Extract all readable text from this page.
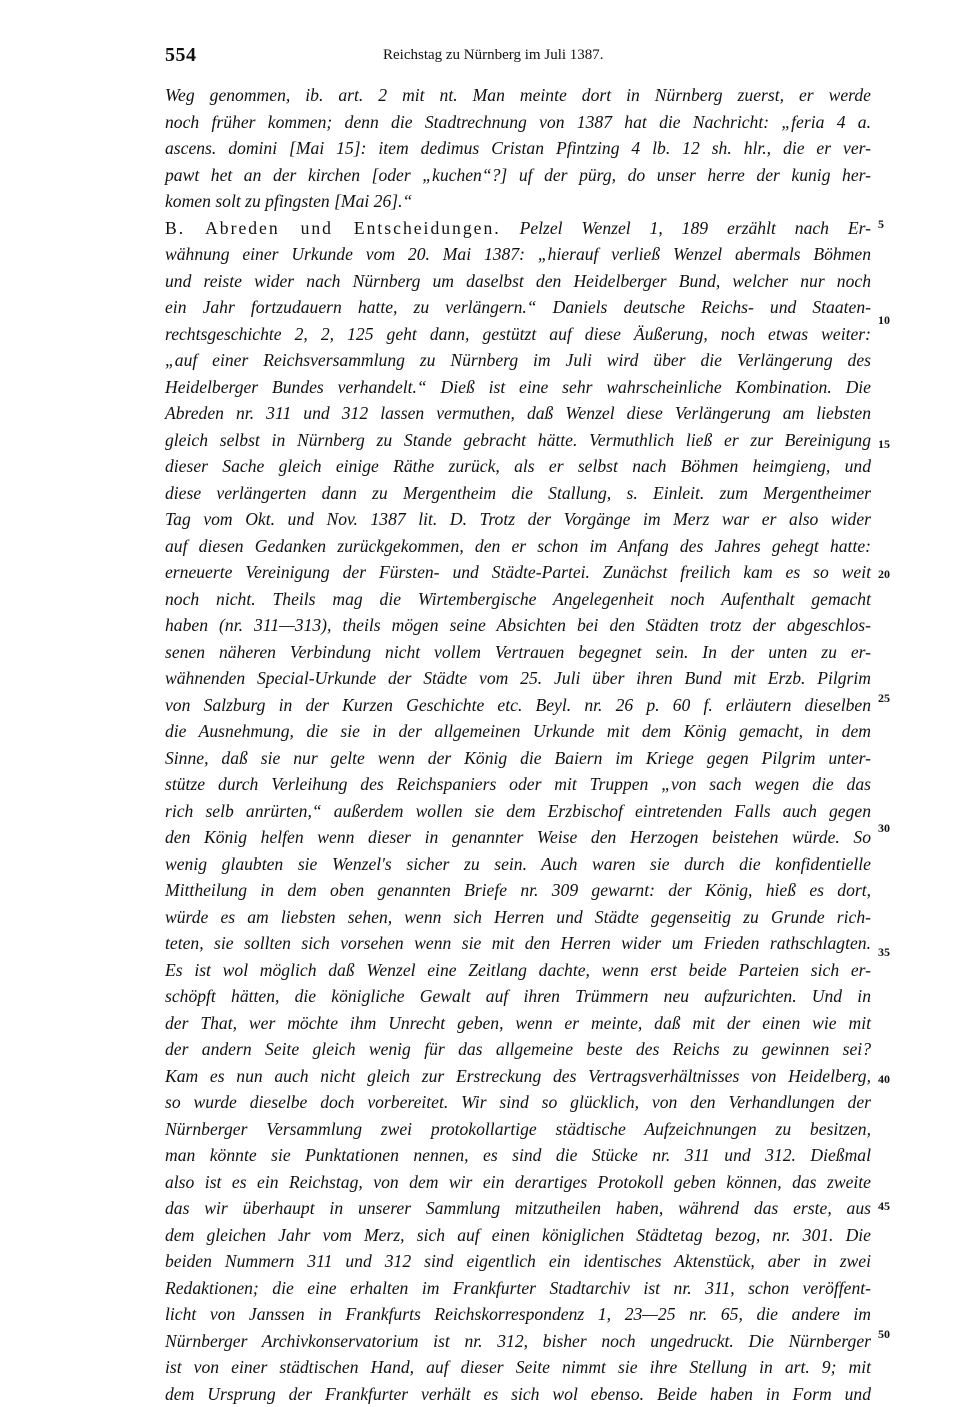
554	Reichstag zu Nürnberg im Juli 1387.
Weg genommen, ib. art. 2 mit nt. Man meinte dort in Nürnberg zuerst, er werde
noch früher kommen; denn die Stadtrechnung von 1387 hat die Nachricht: „feria 4 a.
ascens. domini [Mai 15]: item dedimus Cristan Pfintzing 4 lb. 12 sh. hlr., die er ver-
pawt het an der kirchen [oder „kuchen“?] uf der pürg, do unser herre der kunig her-
komen solt zu pfingsten [Mai 26].“
B. Abreden und Entscheidungen. Pelzel Wenzel 1, 189 erzählt nach Er-
wähnung einer Urkunde vom 20. Mai 1387: „hierauf verließ Wenzel abermals Böhmen
und reiste wider nach Nürnberg um daselbst den Heidelberger Bund, welcher nur noch
ein Jahr fortzudauern hatte, zu verlängern.“ Daniels deutsche Reichs- und Staaten-
rechtsgeschichte 2, 2, 125 geht dann, gestützt auf diese Äußerung, noch etwas weiter:
„auf einer Reichsversammlung zu Nürnberg im Juli wird über die Verlängerung des
Heidelberger Bundes verhandelt.“ Dieß ist eine sehr wahrscheinliche Kombination. Die
Abreden nr. 311 und 312 lassen vermuthen, daß Wenzel diese Verlängerung am liebsten
gleich selbst in Nürnberg zu Stande gebracht hätte. Vermuthlich ließ er zur Bereinigung
dieser Sache gleich einige Räthe zurück, als er selbst nach Böhmen heimgieng, und
diese verlängerten dann zu Mergentheim die Stallung, s. Einleit. zum Mergentheimer
Tag vom Okt. und Nov. 1387 lit. D. Trotz der Vorgänge im Merz war er also wider
auf diesen Gedanken zurückgekommen, den er schon im Anfang des Jahres gehegt hatte:
erneuerte Vereinigung der Fürsten- und Städte-Partei. Zunächst freilich kam es so weit
noch nicht. Theils mag die Wirtembergische Angelegenheit noch Aufenthalt gemacht
haben (nr. 311—313), theils mögen seine Absichten bei den Städten trotz der abgeschlos-
senen näheren Verbindung nicht vollem Vertrauen begegnet sein. In der unten zu er-
wähnenden Special-Urkunde der Städte vom 25. Juli über ihren Bund mit Erzb. Pilgrim
von Salzburg in der Kurzen Geschichte etc. Beyl. nr. 26 p. 60 f. erläutern dieselben
die Ausnehmung, die sie in der allgemeinen Urkunde mit dem König gemacht, in dem
Sinne, daß sie nur gelte wenn der König die Baiern im Kriege gegen Pilgrim unter-
stütze durch Verleihung des Reichspaniers oder mit Truppen „von sach wegen die das
rich selb anrürten,“ außerdem wollen sie dem Erzbischof eintretenden Falls auch gegen
den König helfen wenn dieser in genannter Weise den Herzogen beistehen würde. So
wenig glaubten sie Wenzel's sicher zu sein. Auch waren sie durch die konfidentielle
Mittheilung in dem oben genannten Briefe nr. 309 gewarnt: der König, hieß es dort,
würde es am liebsten sehen, wenn sich Herren und Städte gegenseitig zu Grunde rich-
teten, sie sollten sich vorsehen wenn sie mit den Herren wider um Frieden rathschlagten.
Es ist wol möglich daß Wenzel eine Zeitlang dachte, wenn erst beide Parteien sich er-
schöpft hätten, die königliche Gewalt auf ihren Trümmern neu aufzurichten. Und in
der That, wer möchte ihm Unrecht geben, wenn er meinte, daß mit der einen wie mit
der andern Seite gleich wenig für das allgemeine beste des Reichs zu gewinnen sei?
Kam es nun auch nicht gleich zur Erstreckung des Vertragsverhältnisses von Heidelberg,
so wurde dieselbe doch vorbereitet. Wir sind so glücklich, von den Verhandlungen der
Nürnberger Versammlung zwei protokollartige städtische Aufzeichnungen zu besitzen,
man könnte sie Punktationen nennen, es sind die Stücke nr. 311 und 312. Dießmal
also ist es ein Reichstag, von dem wir ein derartiges Protokoll geben können, das zweite
das wir überhaupt in unserer Sammlung mitzutheilen haben, während das erste, aus
dem gleichen Jahr vom Merz, sich auf einen königlichen Städtetag bezog, nr. 301. Die
beiden Nummern 311 und 312 sind eigentlich ein identisches Aktenstück, aber in zwei
Redaktionen; die eine erhalten im Frankfurter Stadtarchiv ist nr. 311, schon veröffent-
licht von Janssen in Frankfurts Reichskorrespondenz 1, 23—25 nr. 65, die andere im
Nürnberger Archivkonservatorium ist nr. 312, bisher noch ungedruckt. Die Nürnberger
ist von einer städtischen Hand, auf dieser Seite nimmt sie ihre Stellung in art. 9; mit
dem Ursprung der Frankfurter verhält es sich wol ebenso. Beide haben in Form und
5
10
15
20
25
30
35
40
45
50
